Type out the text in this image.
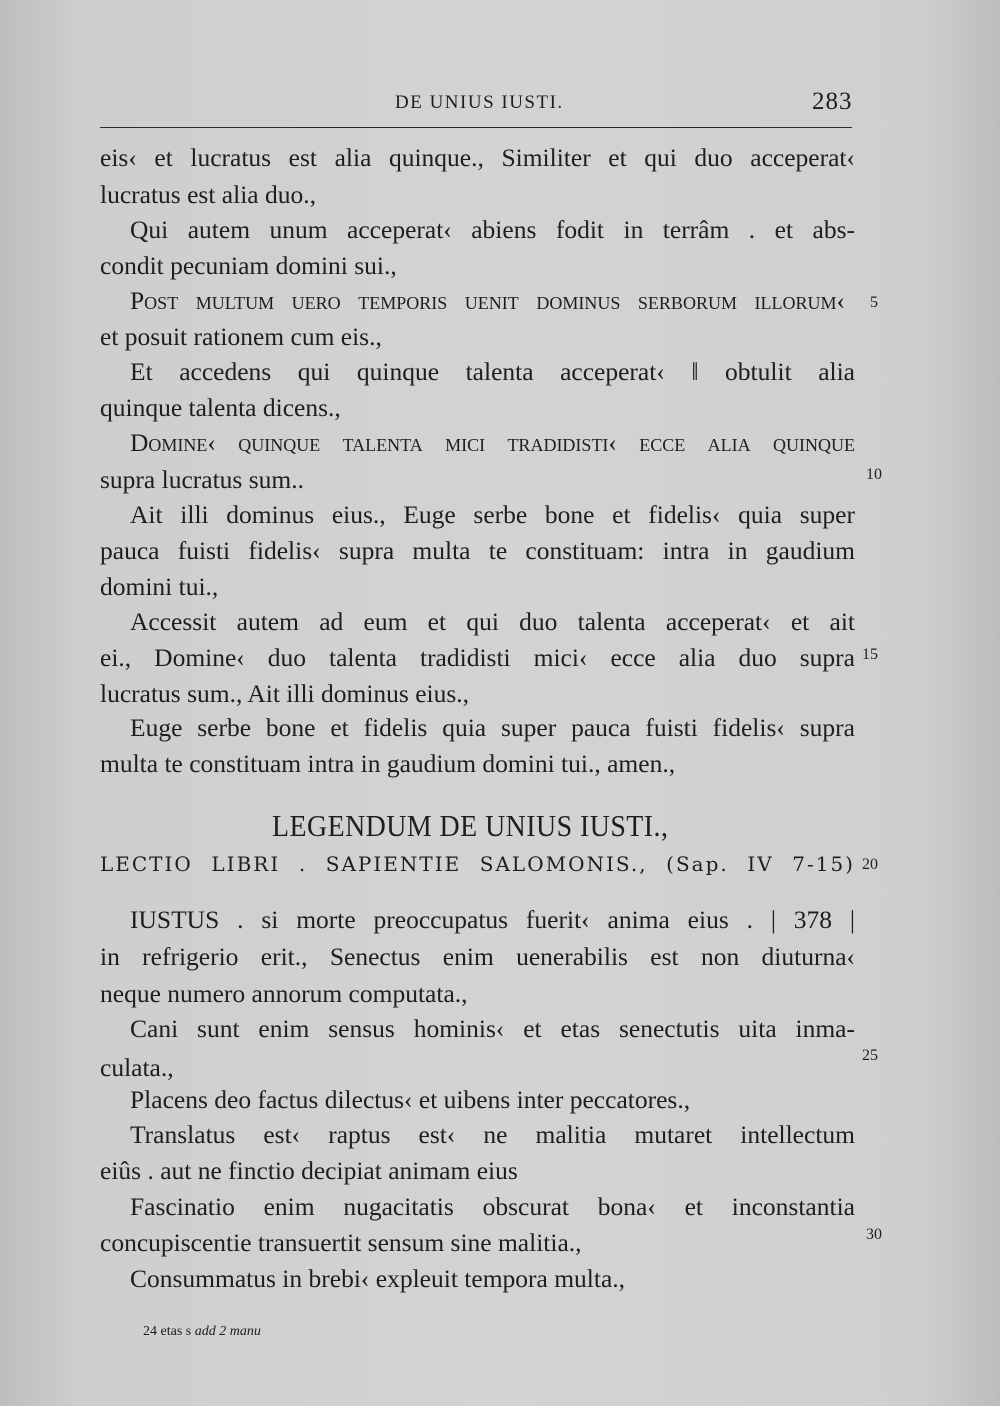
DE UNIUS IUSTI.	283
eis‹ et lucratus est alia quinque., Similiter et qui duo acceperat‹
lucratus est alia duo.,
Qui autem unum acceperat‹ abiens fodit in terrâm . et abs-
condit pecuniam domini sui.,
Post multum uero temporis uenit dominus serborum illorum‹
et posuit rationem cum eis.,
Et accedens qui quinque talenta acceperat‹ ‖ obtulit alia
quinque talenta dicens.,
Domine‹ quinque talenta mici tradidisti‹ ecce alia quinque
supra lucratus sum..
Ait illi dominus eius., Euge serbe bone et fidelis‹ quia super
pauca fuisti fidelis‹ supra multa te constituam: intra in gaudium
domini tui.,
Accessit autem ad eum et qui duo talenta acceperat‹ et ait
ei., Domine‹ duo talenta tradidisti mici‹ ecce alia duo supra
lucratus sum., Ait illi dominus eius.,
Euge serbe bone et fidelis quia super pauca fuisti fidelis‹ supra
multa te constituam intra in gaudium domini tui., amen.,
LEGENDUM DE UNIUS IUSTI.,
LECTIO LIBRI . SAPIENTIE SALOMONIS., (Sap. IV 7-15)
IUSTUS . si morte preoccupatus fuerit‹ anima eius . | 378 |
in refrigerio erit., Senectus enim uenerabilis est non diuturna‹
neque numero annorum computata.,
Cani sunt enim sensus hominis‹ et etas senectutis uita inma-
culata.,
Placens deo factus dilectus‹ et uibens inter peccatores.,
Translatus est‹ raptus est‹ ne malitia mutaret intellectum
eiûs . aut ne finctio decipiat animam eius
Fascinatio enim nugacitatis obscurat bona‹ et inconstantia
concupiscentie transuertit sensum sine malitia.,
Consummatus in brebi‹ expleuit tempora multa.,
5
10
15
20
25
30
24 etas s add 2 manu
